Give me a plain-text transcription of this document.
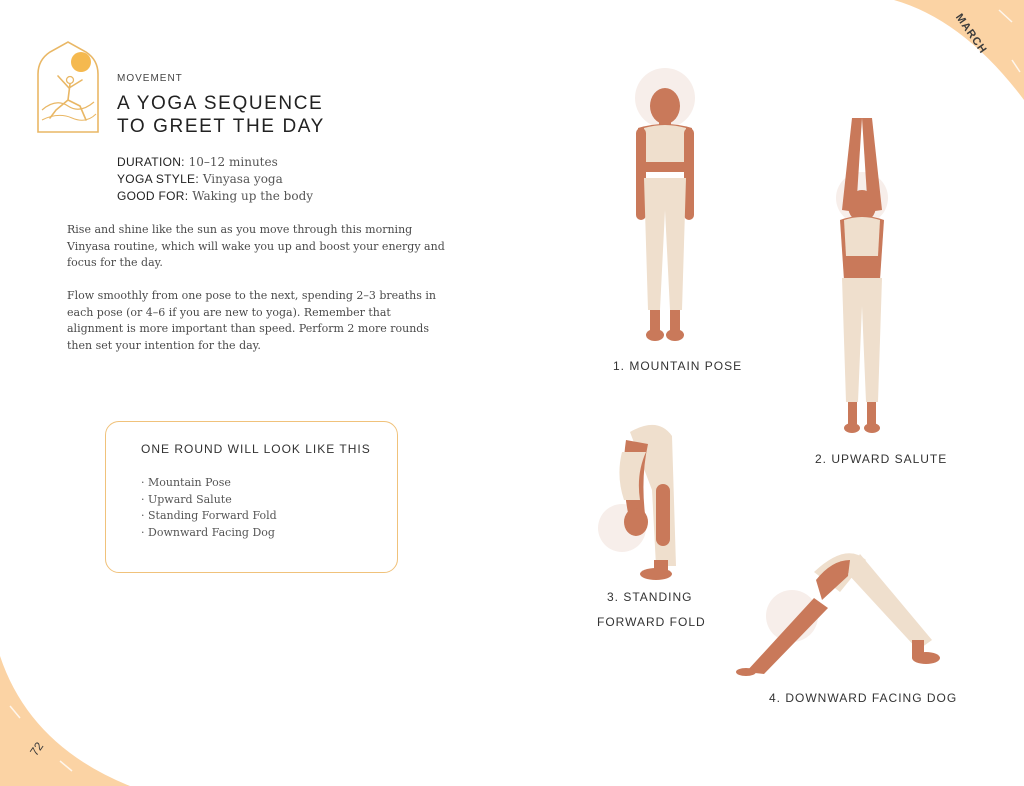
MARCH
72
MOVEMENT
A YOGA SEQUENCE
TO GREET THE DAY
DURATION: 10–12 minutes
YOGA STYLE: Vinyasa yoga
GOOD FOR: Waking up the body

Rise and shine like the sun as you move through this morning Vinyasa routine, which will wake you up and boost your energy and focus for the day.

Flow smoothly from one pose to the next, spending 2–3 breaths in each pose (or 4–6 if you are new to yoga). Remember that alignment is more important than speed. Perform 2 more rounds then set your intention for the day.

ONE ROUND WILL LOOK LIKE THIS
· Mountain Pose
· Upward Salute
· Standing Forward Fold
· Downward Facing Dog
1. MOUNTAIN POSE
2. UPWARD SALUTE
3. STANDING
FORWARD FOLD
4. DOWNWARD FACING DOG
